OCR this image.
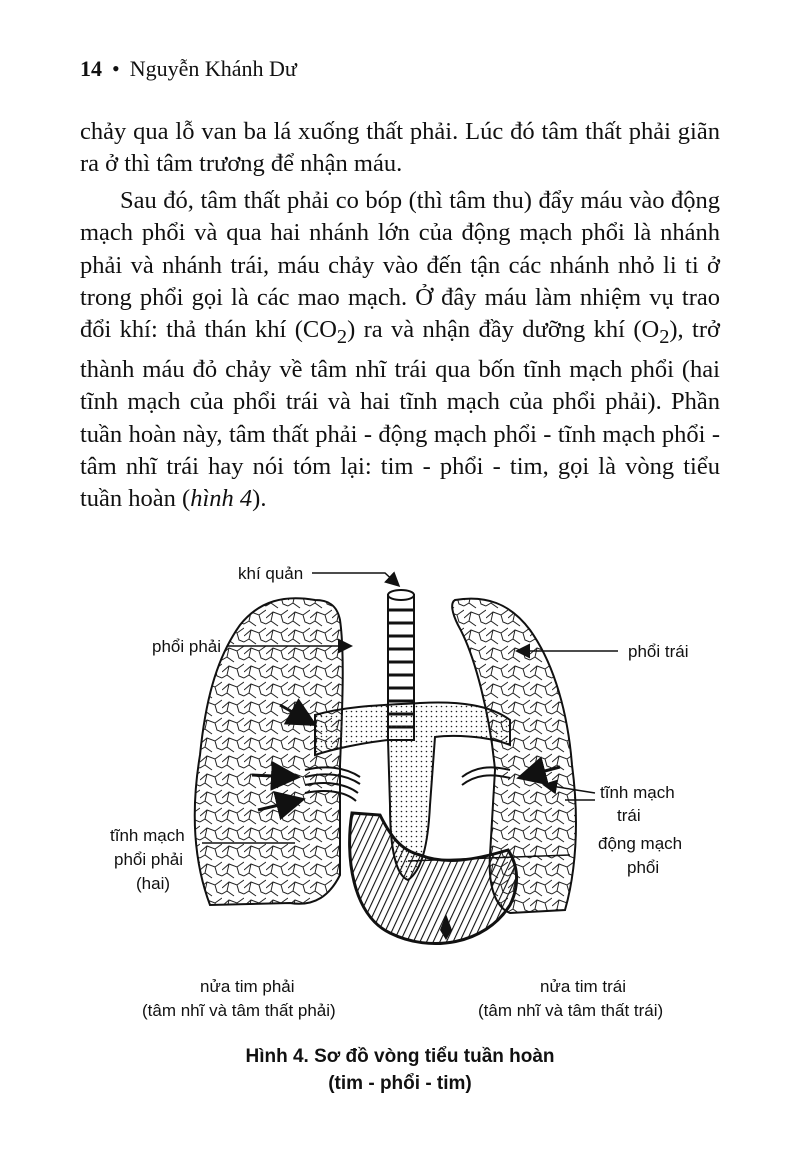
14 • Nguyễn Khánh Dư

chảy qua lỗ van ba lá xuống thất phải. Lúc đó tâm thất phải giãn ra ở thì tâm trương để nhận máu.

Sau đó, tâm thất phải co bóp (thì tâm thu) đẩy máu vào động mạch phổi và qua hai nhánh lớn của động mạch phổi là nhánh phải và nhánh trái, máu chảy vào đến tận các nhánh nhỏ li ti ở trong phổi gọi là các mao mạch. Ở đây máu làm nhiệm vụ trao đổi khí: thả thán khí $(CO_2)$ ra và nhận đầy dưỡng khí $(O_2)$, trở thành máu đỏ chảy về tâm nhĩ trái qua bốn tĩnh mạch phổi (hai tĩnh mạch của phổi trái và hai tĩnh mạch của phổi phải). Phần tuần hoàn này, tâm thất phải - động mạch phổi - tĩnh mạch phổi - tâm nhĩ trái hay nói tóm lại: tim - phổi - tim, gọi là vòng tiểu tuần hoàn (hình 4).

khí quản
phổi phải	phổi trái
tĩnh mạch
trái
động mạch
phổi
tĩnh mạch
phổi phải
(hai)
nửa tim phải
(tâm nhĩ và tâm thất phải)
nửa tim trái
(tâm nhĩ và tâm thất trái)
Hình 4. Sơ đồ vòng tiểu tuần hoàn
(tim - phổi - tim)
